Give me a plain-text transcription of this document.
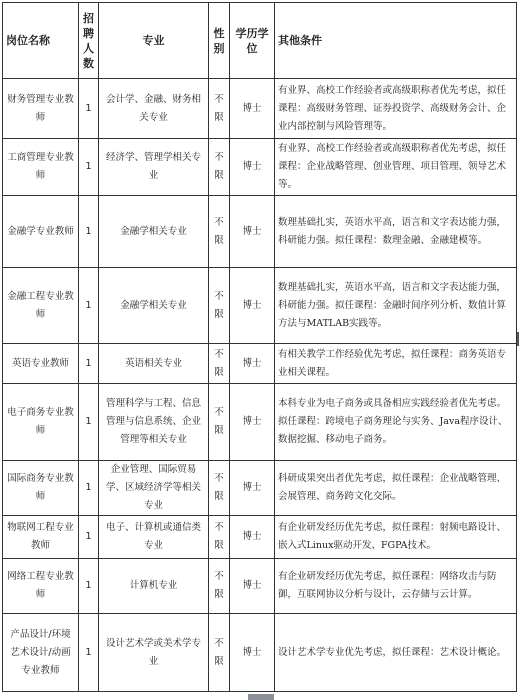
岗位名称	招聘人数	专业	性别	学历学位	其他条件
财务管理专业教师	1	会计学、金融、财务相关专业	不限	博士	有业界、高校工作经验者或高级职称者优先考虑，拟任课程：高级财务管理、证券投资学、高级财务会计、企业内部控制与风险管理等。
工商管理专业教师	1	经济学、管理学相关专业	不限	博士	有业界、高校工作经验者或高级职称者优先考虑，拟任课程：企业战略管理、创业管理、项目管理、领导艺术等。
金融学专业教师	1	金融学相关专业	不限	博士	数理基础扎实，英语水平高，语言和文字表达能力强，科研能力强。拟任课程：数理金融、金融建模等。
金融工程专业教师	1	金融学相关专业	不限	博士	数理基础扎实，英语水平高，语言和文字表达能力强，科研能力强。拟任课程：金融时间序列分析、数值计算方法与MATLAB实践等。
英语专业教师	1	英语相关专业	不限	博士	有相关教学工作经验优先考虑，拟任课程：商务英语专业相关课程。
电子商务专业教师	1	管理科学与工程、信息管理与信息系统、企业管理等相关专业	不限	博士	本科专业为电子商务或具备相应实践经验者优先考虑。拟任课程：跨境电子商务理论与实务、Java程序设计、数据挖掘、移动电子商务。
国际商务专业教师	1	企业管理、国际贸易学、区域经济学等相关专业	不限	博士	科研成果突出者优先考虑，拟任课程：企业战略管理、会展管理、商务跨文化交际。
物联网工程专业教师	1	电子、计算机或通信类专业	不限	博士	有企业研发经历优先考虑，拟任课程：射频电路设计、嵌入式Linux驱动开发、FGPA技术。
网络工程专业教师	1	计算机专业	不限	博士	有企业研发经历优先考虑，拟任课程：网络攻击与防御，互联网协议分析与设计，云存储与云计算。
产品设计/环境艺术设计/动画专业教师	1	设计艺术学或美术学专业	不限	博士	设计艺术学专业优先考虑，拟任课程：艺术设计概论。
